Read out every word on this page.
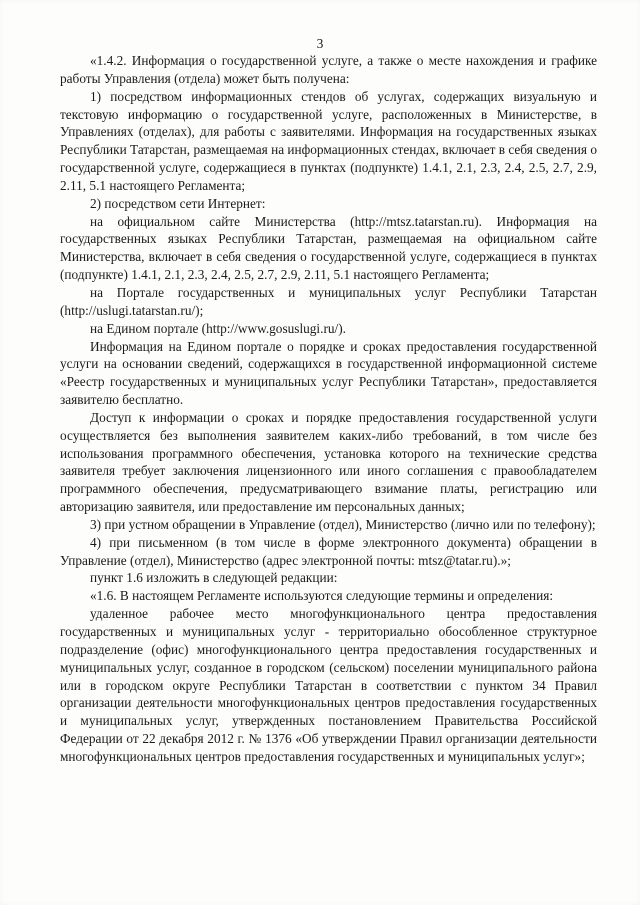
3

«1.4.2. Информация о государственной услуге, а также о месте нахождения и графике работы Управления (отдела) может быть получена:

1) посредством информационных стендов об услугах, содержащих визуальную и текстовую информацию о государственной услуге, расположенных в Министерстве, в Управлениях (отделах), для работы с заявителями. Информация на государственных языках Республики Татарстан, размещаемая на информационных стендах, включает в себя сведения о государственной услуге, содержащиеся в пунктах (подпункте) 1.4.1, 2.1, 2.3, 2.4, 2.5, 2.7, 2.9, 2.11, 5.1 настоящего Регламента;

2) посредством сети Интернет:

на официальном сайте Министерства (http://mtsz.tatarstan.ru). Информация на государственных языках Республики Татарстан, размещаемая на официальном сайте Министерства, включает в себя сведения о государственной услуге, содержащиеся в пунктах (подпункте) 1.4.1, 2.1, 2.3, 2.4, 2.5, 2.7, 2.9, 2.11, 5.1 настоящего Регламента;

на Портале государственных и муниципальных услуг Республики Татарстан (http://uslugi.tatarstan.ru/);

на Едином портале (http://www.gosuslugi.ru/).

Информация на Едином портале о порядке и сроках предоставления государственной услуги на основании сведений, содержащихся в государственной информационной системе «Реестр государственных и муниципальных услуг Республики Татарстан», предоставляется заявителю бесплатно.

Доступ к информации о сроках и порядке предоставления государственной услуги осуществляется без выполнения заявителем каких-либо требований, в том числе без использования программного обеспечения, установка которого на технические средства заявителя требует заключения лицензионного или иного соглашения с правообладателем программного обеспечения, предусматривающего взимание платы, регистрацию или авторизацию заявителя, или предоставление им персональных данных;

3) при устном обращении в Управление (отдел), Министерство (лично или по телефону);

4) при письменном (в том числе в форме электронного документа) обращении в Управление (отдел), Министерство (адрес электронной почты: mtsz@tatar.ru).»;

пункт 1.6 изложить в следующей редакции:

«1.6. В настоящем Регламенте используются следующие термины и определения:

удаленное рабочее место многофункционального центра предоставления государственных и муниципальных услуг - территориально обособленное структурное подразделение (офис) многофункционального центра предоставления государственных и муниципальных услуг, созданное в городском (сельском) поселении муниципального района или в городском округе Республики Татарстан в соответствии с пунктом 34 Правил организации деятельности многофункциональных центров предоставления государственных и муниципальных услуг, утвержденных постановлением Правительства Российской Федерации от 22 декабря 2012 г. № 1376 «Об утверждении Правил организации деятельности многофункциональных центров предоставления государственных и муниципальных услуг»;
